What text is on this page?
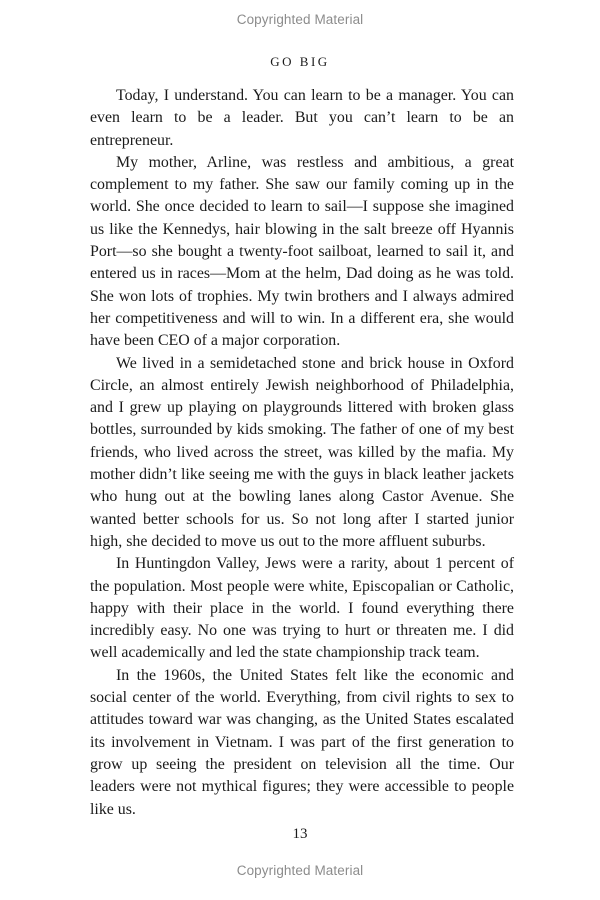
Copyrighted Material
GO BIG

Today, I understand. You can learn to be a manager. You can even learn to be a leader. But you can’t learn to be an entrepreneur.

My mother, Arline, was restless and ambitious, a great complement to my father. She saw our family coming up in the world. She once decided to learn to sail—I suppose she imagined us like the Kennedys, hair blowing in the salt breeze off Hyannis Port—so she bought a twenty-foot sailboat, learned to sail it, and entered us in races—Mom at the helm, Dad doing as he was told. She won lots of trophies. My twin brothers and I always admired her competitiveness and will to win. In a different era, she would have been CEO of a major corporation.

We lived in a semidetached stone and brick house in Oxford Circle, an almost entirely Jewish neighborhood of Philadelphia, and I grew up playing on playgrounds littered with broken glass bottles, surrounded by kids smoking. The father of one of my best friends, who lived across the street, was killed by the mafia. My mother didn’t like seeing me with the guys in black leather jackets who hung out at the bowling lanes along Castor Avenue. She wanted better schools for us. So not long after I started junior high, she decided to move us out to the more affluent suburbs.

In Huntingdon Valley, Jews were a rarity, about 1 percent of the population. Most people were white, Episcopalian or Catholic, happy with their place in the world. I found everything there incredibly easy. No one was trying to hurt or threaten me. I did well academically and led the state championship track team.

In the 1960s, the United States felt like the economic and social center of the world. Everything, from civil rights to sex to attitudes toward war was changing, as the United States escalated its involvement in Vietnam. I was part of the first generation to grow up seeing the president on television all the time. Our leaders were not mythical figures; they were accessible to people like us.

13
Copyrighted Material
